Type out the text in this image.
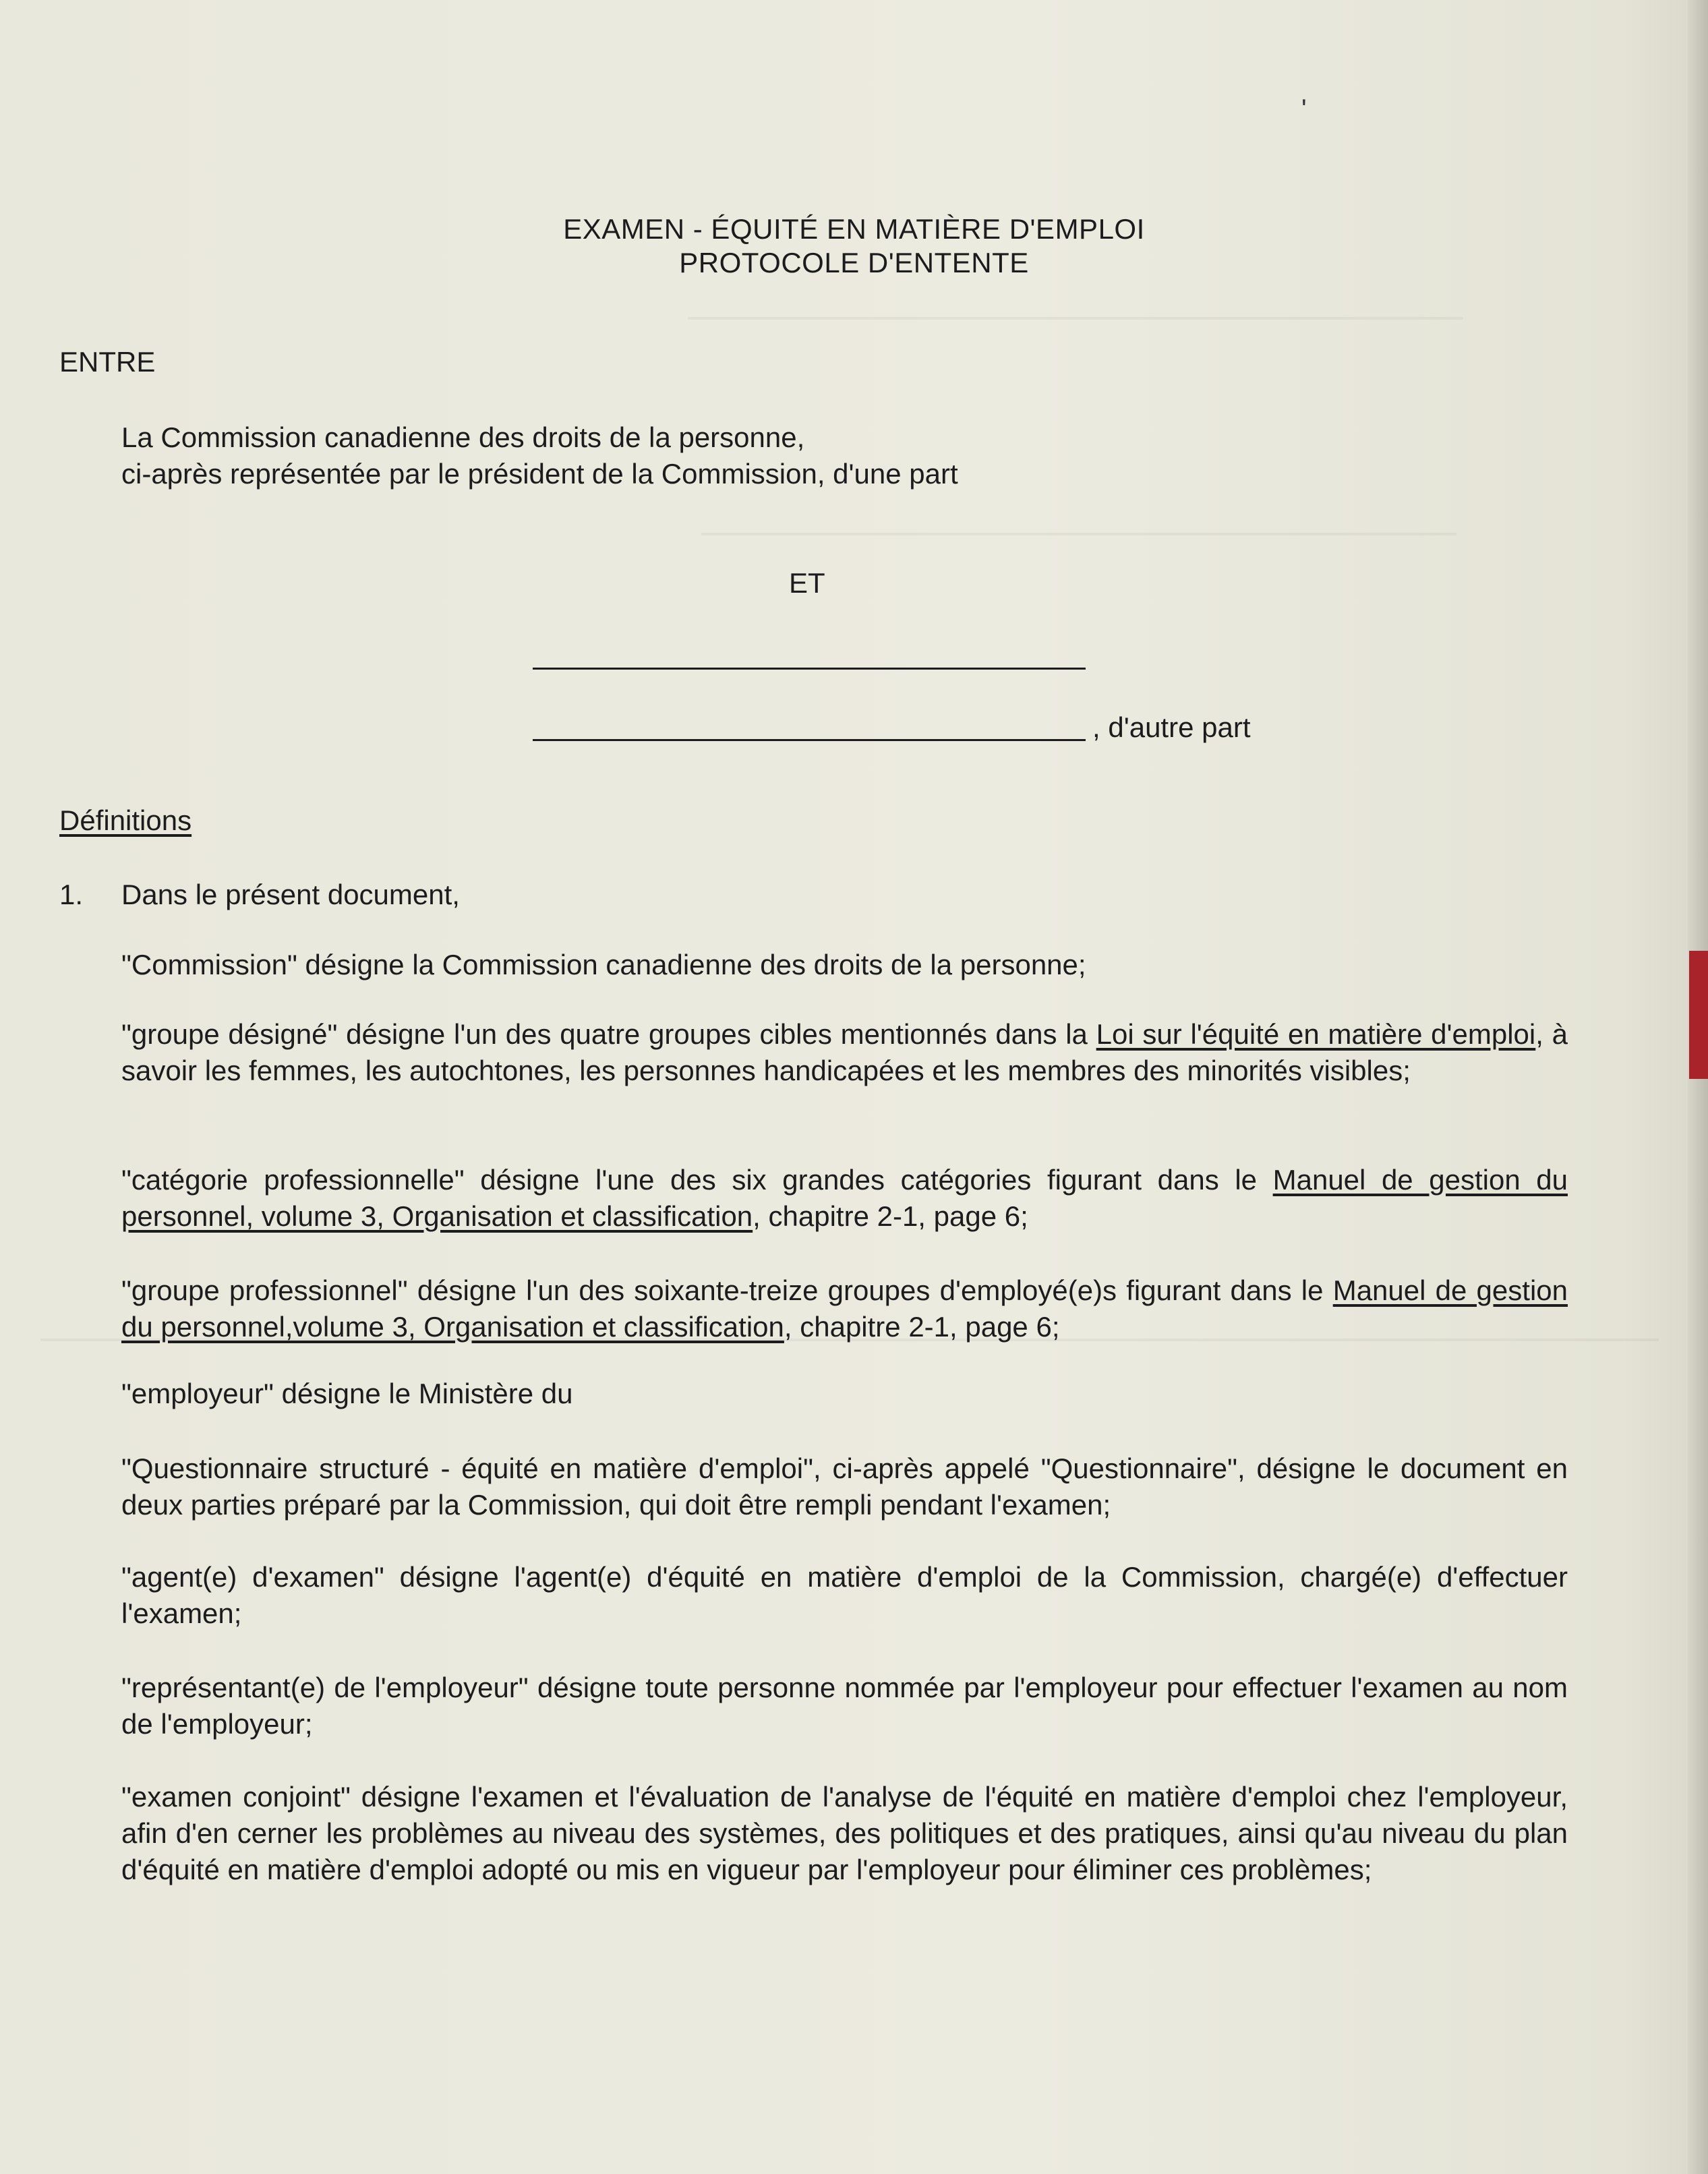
'
EXAMEN - ÉQUITÉ EN MATIÈRE D'EMPLOI
PROTOCOLE D'ENTENTE
ENTRE
La Commission canadienne des droits de la personne,
ci-après représentée par le président de la Commission, d'une part
ET
, d'autre part
Définitions
1. Dans le présent document,
"Commission" désigne la Commission canadienne des droits de la personne;
"groupe désigné" désigne l'un des quatre groupes cibles mentionnés dans la Loi sur l'équité en matière d'emploi, à savoir les femmes, les autochtones, les personnes handicapées et les membres des minorités visibles;
"catégorie professionnelle" désigne l'une des six grandes catégories figurant dans le Manuel de gestion du personnel, volume 3, Organisation et classification, chapitre 2-1, page 6;
"groupe professionnel" désigne l'un des soixante-treize groupes d'employé(e)s figurant dans le Manuel de gestion du personnel,volume 3, Organisation et classification, chapitre 2-1, page 6;
"employeur" désigne le Ministère du
"Questionnaire structuré - équité en matière d'emploi", ci-après appelé "Questionnaire", désigne le document en deux parties préparé par la Commission, qui doit être rempli pendant l'examen;
"agent(e) d'examen" désigne l'agent(e) d'équité en matière d'emploi de la Commission, chargé(e) d'effectuer l'examen;
"représentant(e) de l'employeur" désigne toute personne nommée par l'employeur pour effectuer l'examen au nom de l'employeur;
"examen conjoint" désigne l'examen et l'évaluation de l'analyse de l'équité en matière d'emploi chez l'employeur, afin d'en cerner les problèmes au niveau des systèmes, des politiques et des pratiques, ainsi qu'au niveau du plan d'équité en matière d'emploi adopté ou mis en vigueur par l'employeur pour éliminer ces problèmes;
